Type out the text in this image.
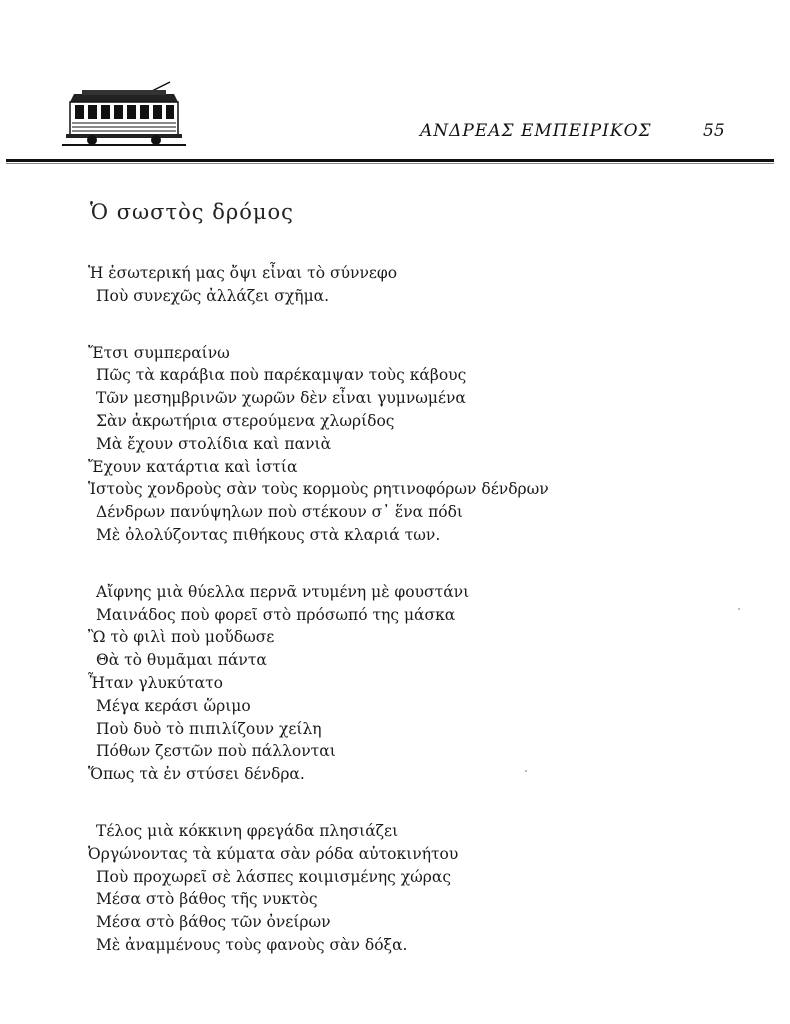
ΑΝΔΡΕΑΣ ΕΜΠΕΙΡΙΚΟΣ	55
Ὁ σωστὸς δρόμος
Ἡ ἐσωτερική μας ὄψι εἶναι τὸ σύννεφο
Ποὺ συνεχῶς ἀλλάζει σχῆμα.
Ἔτσι συμπεραίνω
Πῶς τὰ καράβια ποὺ παρέκαμψαν τοὺς κάβους
Τῶν μεσημβρινῶν χωρῶν δὲν εἶναι γυμνωμένα
Σὰν ἀκρωτήρια στερούμενα χλωρίδος
Μὰ ἔχουν στολίδια καὶ πανιὰ
Ἔχουν κατάρτια καὶ ἱστία
Ἱστοὺς χονδροὺς σὰν τοὺς κορμοὺς ρητινοφόρων δένδρων
Δένδρων πανύψηλων ποὺ στέκουν σ᾿ ἕνα πόδι
Μὲ ὀλολύζοντας πιθήκους στὰ κλαριά των.
Αἴφνης μιὰ θύελλα περνᾶ ντυμένη μὲ φουστάνι
Μαινάδος ποὺ φορεῖ στὸ πρόσωπό της μάσκα
Ὢ τὸ φιλὶ ποὺ μοὔδωσε
Θὰ τὸ θυμᾶμαι πάντα
Ἦταν γλυκύτατο
Μέγα κεράσι ὥριμο
Ποὺ δυὸ τὸ πιπιλίζουν χείλη
Πόθων ζεστῶν ποὺ πάλλονται
Ὅπως τὰ ἐν στύσει δένδρα.
Τέλος μιὰ κόκκινη φρεγάδα πλησιάζει
Ὀργώνοντας τὰ κύματα σὰν ρόδα αὐτοκινήτου
Ποὺ προχωρεῖ σὲ λάσπες κοιμισμένης χώρας
Μέσα στὸ βάθος τῆς νυκτὸς
Μέσα στὸ βάθος τῶν ὀνείρων
Μὲ ἀναμμένους τοὺς φανοὺς σὰν δόξα.
